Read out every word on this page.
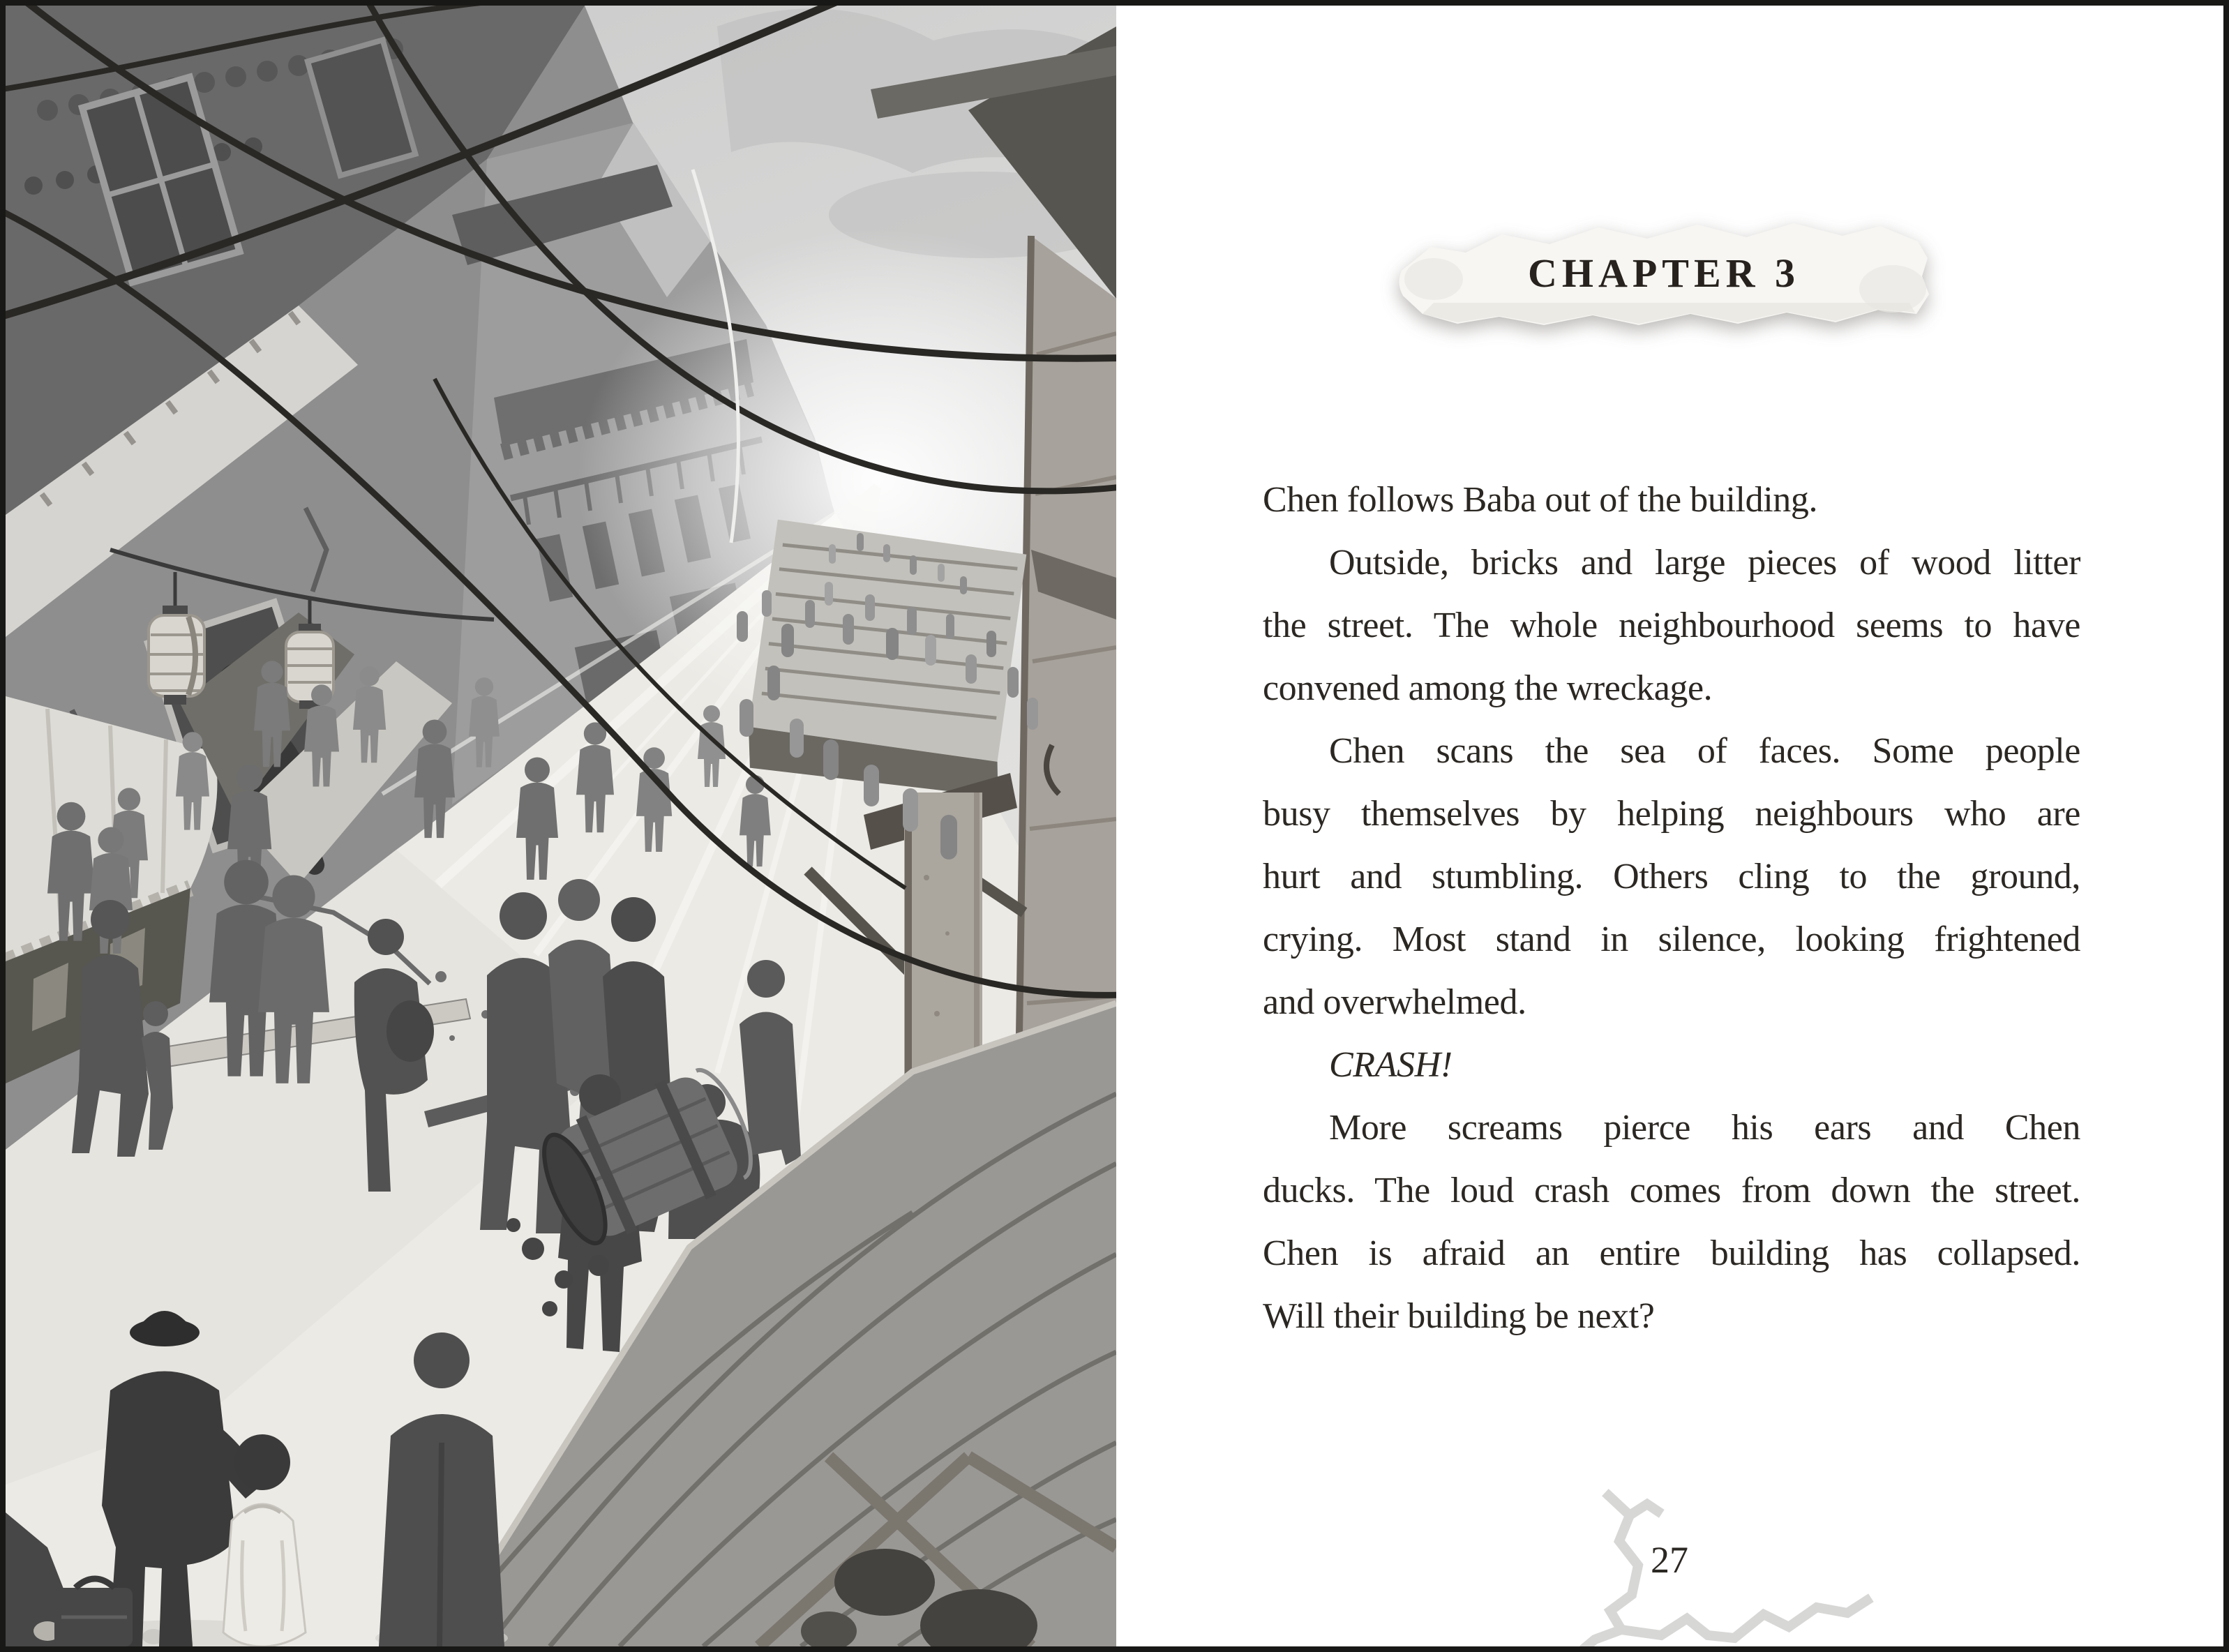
CHAPTER 3
Chen follows Baba out of the building.
Outside, bricks and large pieces of wood litter
the street. The whole neighbourhood seems to have
convened among the wreckage.
Chen scans the sea of faces. Some people
busy themselves by helping neighbours who are
hurt and stumbling. Others cling to the ground,
crying. Most stand in silence, looking frightened
and overwhelmed.
CRASH!
More screams pierce his ears and Chen
ducks. The loud crash comes from down the street.
Chen is afraid an entire building has collapsed.
Will their building be next?
27
